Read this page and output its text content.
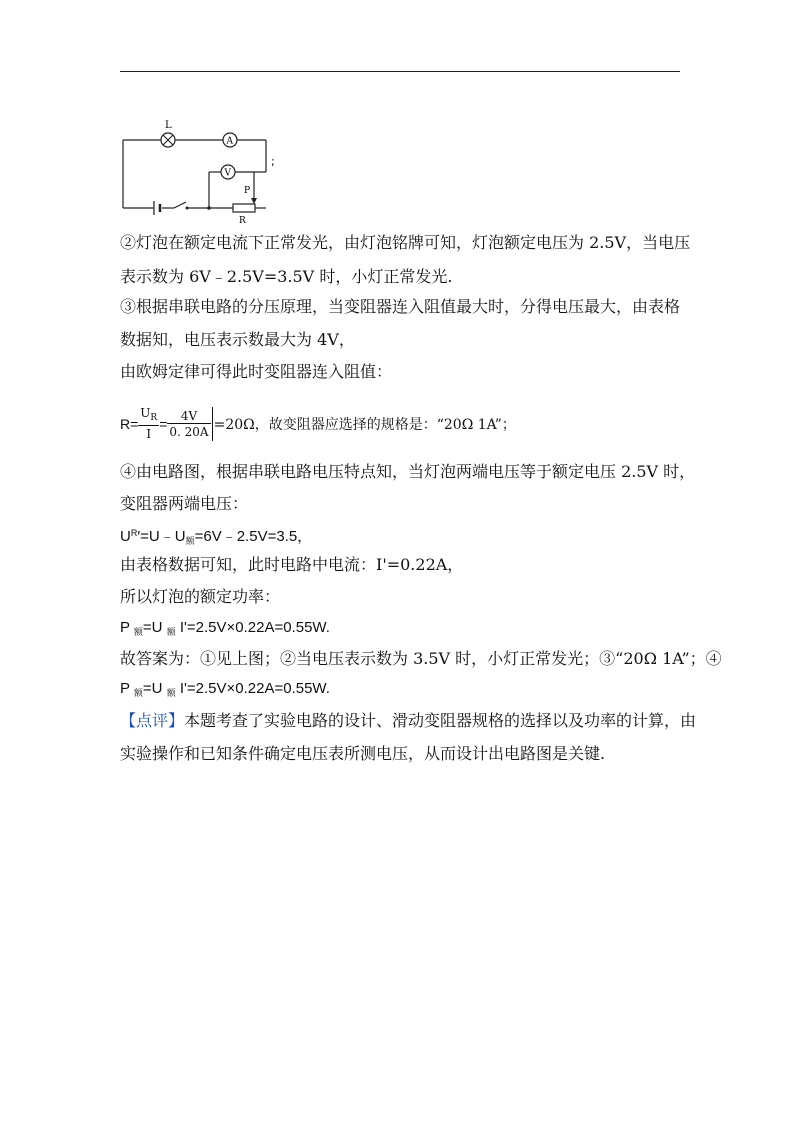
L
A
V
P
R
;
②灯泡在额定电流下正常发光，由灯泡铭牌可知，灯泡额定电压为 2.5V，当电压
表示数为 6V﹣2.5V=3.5V 时，小灯正常发光.
③根据串联电路的分压原理，当变阻器连入阻值最大时，分得电压最大，由表格
数据知，电压表示数最大为 4V，
由欧姆定律可得此时变阻器连入阻值：
$R= \frac{U_R}{I} = \frac{4V}{0. 20A} =20\Omega$，故变阻器应选择的规格是：“20Ω 1A”；
④由电路图，根据串联电路电压特点知，当灯泡两端电压等于额定电压 2.5V 时，
变阻器两端电压：
$U^R'=U﹣U_额=6V﹣2.5V=3.5$，
由表格数据可知，此时电路中电流：I'=0.22A，
所以灯泡的额定功率：
P $_额$=U $_额$ I'=2.5V×0.22A=0.55W.
故答案为：①见上图；②当电压表示数为 3.5V 时，小灯正常发光；③“20Ω 1A”；④
P $_额$=U $_额$ I'=2.5V×0.22A=0.55W.
【点评】本题考查了实验电路的设计、滑动变阻器规格的选择以及功率的计算，由
实验操作和已知条件确定电压表所测电压，从而设计出电路图是关键.
